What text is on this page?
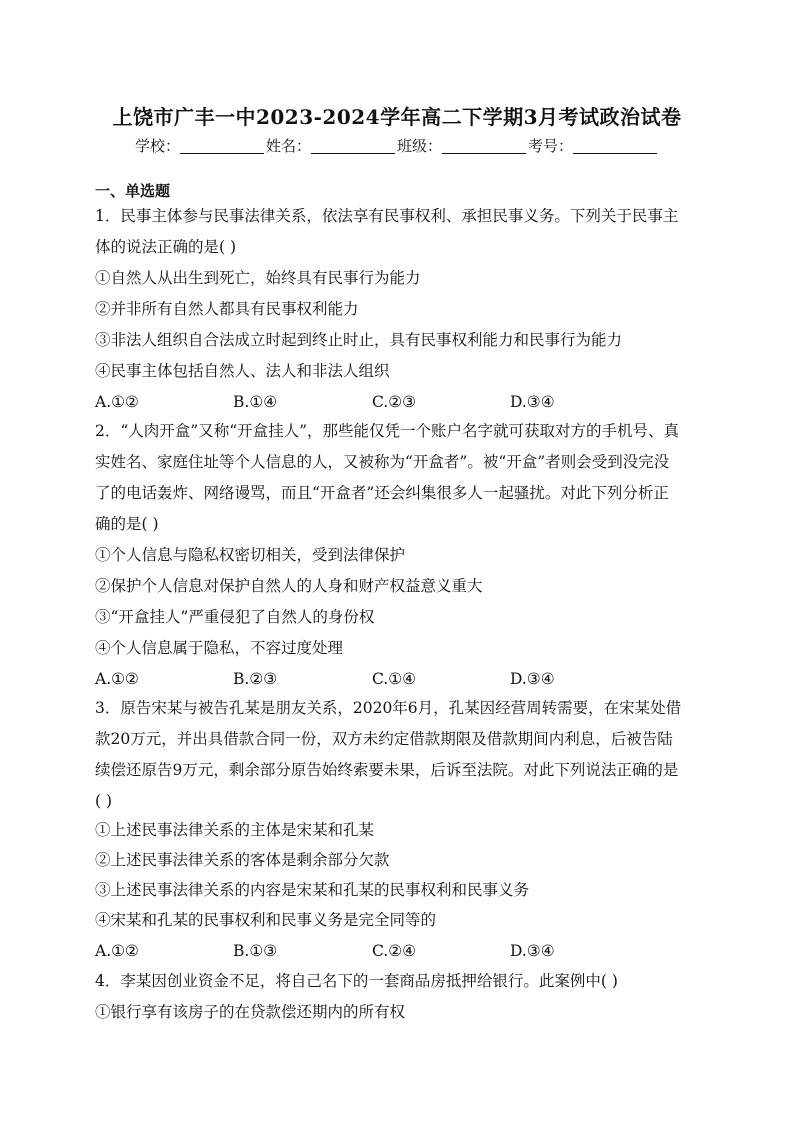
上饶市广丰一中2023-2024学年高二下学期3月考试政治试卷
学校：	姓名：	班级：	考号：
一、单选题
1．民事主体参与民事法律关系，依法享有民事权利、承担民事义务。下列关于民事主
体的说法正确的是( )
①自然人从出生到死亡，始终具有民事行为能力
②并非所有自然人都具有民事权利能力
③非法人组织自合法成立时起到终止时止，具有民事权利能力和民事行为能力
④民事主体包括自然人、法人和非法人组织
A.①②	B.①④	C.②③	D.③④
2．“人肉开盒”又称“开盒挂人”，那些能仅凭一个账户名字就可获取对方的手机号、真
实姓名、家庭住址等个人信息的人，又被称为“开盒者”。被“开盒”者则会受到没完没
了的电话轰炸、网络谩骂，而且“开盒者”还会纠集很多人一起骚扰。对此下列分析正
确的是( )
①个人信息与隐私权密切相关，受到法律保护
②保护个人信息对保护自然人的人身和财产权益意义重大
③“开盒挂人”严重侵犯了自然人的身份权
④个人信息属于隐私，不容过度处理
A.①②	B.②③	C.①④	D.③④
3．原告宋某与被告孔某是朋友关系，2020年6月，孔某因经营周转需要，在宋某处借
款20万元，并出具借款合同一份，双方未约定借款期限及借款期间内利息，后被告陆
续偿还原告9万元，剩余部分原告始终索要未果，后诉至法院。对此下列说法正确的是
( )
①上述民事法律关系的主体是宋某和孔某
②上述民事法律关系的客体是剩余部分欠款
③上述民事法律关系的内容是宋某和孔某的民事权利和民事义务
④宋某和孔某的民事权利和民事义务是完全同等的
A.①②	B.①③	C.②④	D.③④
4．李某因创业资金不足，将自己名下的一套商品房抵押给银行。此案例中( )
①银行享有该房子的在贷款偿还期内的所有权
